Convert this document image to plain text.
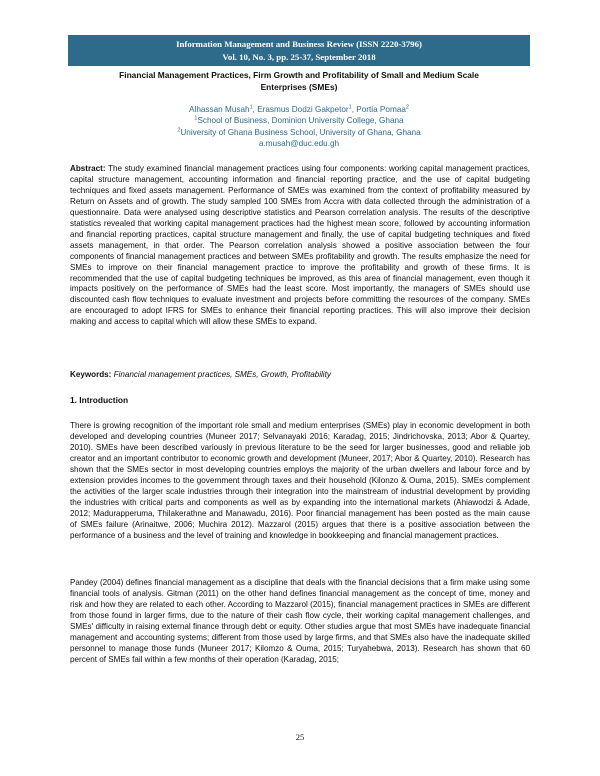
Information Management and Business Review (ISSN 2220-3796)
Vol. 10, No. 3, pp. 25-37, September 2018
Financial Management Practices, Firm Growth and Profitability of Small and Medium Scale
Enterprises (SMEs)
Alhassan Musah$^1$, Erasmus Dodzi Gakpetor$^1$, Portia Pomaa$^2$
$^1$School of Business, Dominion University College, Ghana
$^2$University of Ghana Business School, University of Ghana, Ghana
a.musah@duc.edu.gh
Abstract: The study examined financial management practices using four components: working capital management practices, capital structure management, accounting information and financial reporting practice, and the use of capital budgeting techniques and fixed assets management. Performance of SMEs was examined from the context of profitability measured by Return on Assets and of growth. The study sampled 100 SMEs from Accra with data collected through the administration of a questionnaire. Data were analysed using descriptive statistics and Pearson correlation analysis. The results of the descriptive statistics revealed that working capital management practices had the highest mean score, followed by accounting information and financial reporting practices, capital structure management and finally, the use of capital budgeting techniques and fixed assets management, in that order. The Pearson correlation analysis showed a positive association between the four components of financial management practices and between SMEs profitability and growth. The results emphasize the need for SMEs to improve on their financial management practice to improve the profitability and growth of these firms. It is recommended that the use of capital budgeting techniques be improved, as this area of financial management, even though it impacts positively on the performance of SMEs had the least score. Most importantly, the managers of SMEs should use discounted cash flow techniques to evaluate investment and projects before committing the resources of the company. SMEs are encouraged to adopt IFRS for SMEs to enhance their financial reporting practices. This will also improve their decision making and access to capital which will allow these SMEs to expand.
Keywords: Financial management practices, SMEs, Growth, Profitability
1. Introduction
There is growing recognition of the important role small and medium enterprises (SMEs) play in economic development in both developed and developing countries (Muneer 2017; Selvanayaki 2016; Karadag, 2015; Jindrichovska, 2013; Abor & Quartey, 2010). SMEs have been described variously in previous literature to be the seed for larger businesses, good and reliable job creator and an important contributor to economic growth and development (Muneer, 2017; Abor & Quartey, 2010). Research has shown that the SMEs sector in most developing countries employs the majority of the urban dwellers and labour force and by extension provides incomes to the government through taxes and their household (Kilonzo & Ouma, 2015). SMEs complement the activities of the larger scale industries through their integration into the mainstream of industrial development by providing the industries with critical parts and components as well as by expanding into the international markets (Ahiawodzi & Adade, 2012; Madurapperuma, Thilakerathne and Manawadu, 2016). Poor financial management has been posted as the main cause of SMEs failure (Arinaitwe, 2006; Muchira 2012). Mazzarol (2015) argues that there is a positive association between the performance of a business and the level of training and knowledge in bookkeeping and financial management practices.
Pandey (2004) defines financial management as a discipline that deals with the financial decisions that a firm make using some financial tools of analysis. Gitman (2011) on the other hand defines financial management as the concept of time, money and risk and how they are related to each other. According to Mazzarol (2015), financial management practices in SMEs are different from those found in larger firms, due to the nature of their cash flow cycle, their working capital management challenges, and SMEs' difficulty in raising external finance through debt or equity. Other studies argue that most SMEs have inadequate financial management and accounting systems; different from those used by large firms, and that SMEs also have the inadequate skilled personnel to manage those funds (Muneer 2017; Kilomzo & Ouma, 2015; Turyahebwa, 2013). Research has shown that 60 percent of SMEs fail within a few months of their operation (Karadag, 2015;
25
